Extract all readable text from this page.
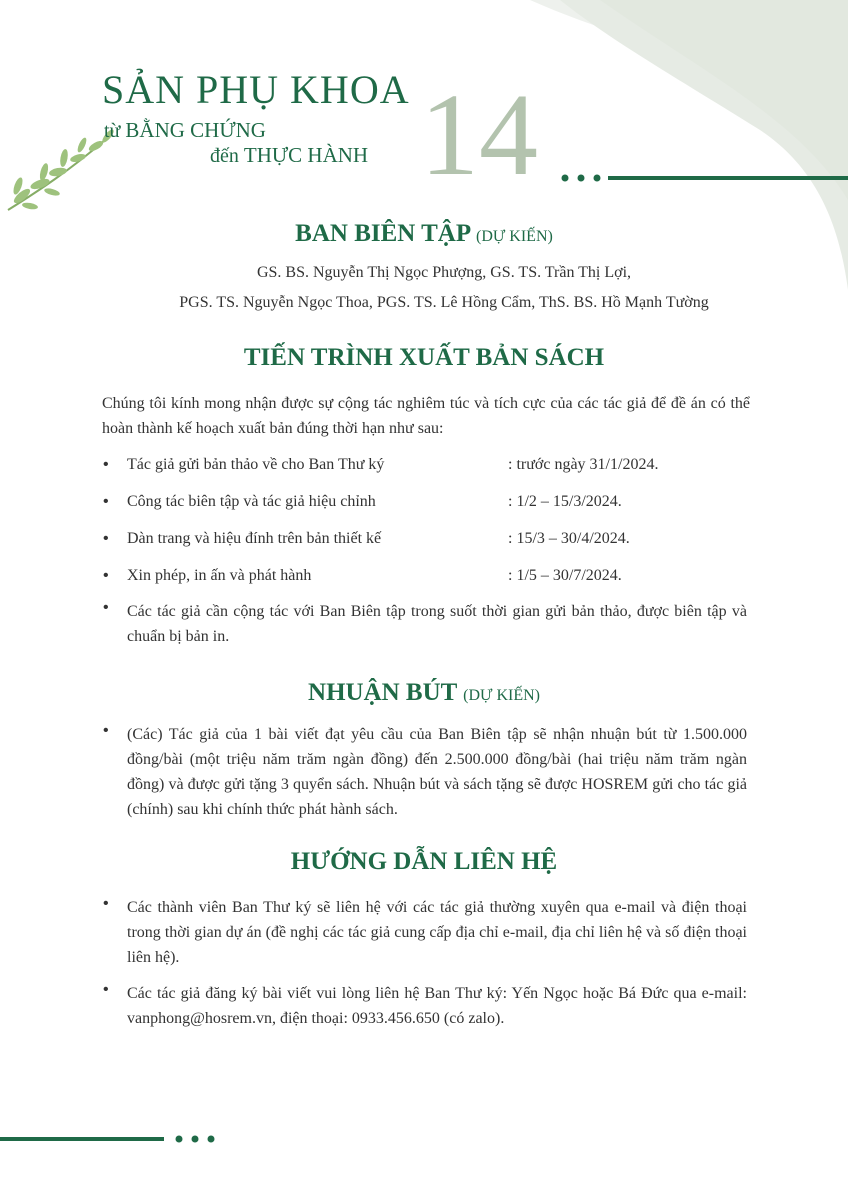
SẢN PHỤ KHOA
từ BẰNG CHỨNG
đến THỰC HÀNH 14
BAN BIÊN TẬP (DỰ KIẾN)
GS. BS. Nguyễn Thị Ngọc Phượng, GS. TS. Trần Thị Lợi,
PGS. TS. Nguyễn Ngọc Thoa, PGS. TS. Lê Hồng Cẩm, ThS. BS. Hồ Mạnh Tường
TIẾN TRÌNH XUẤT BẢN SÁCH
Chúng tôi kính mong nhận được sự cộng tác nghiêm túc và tích cực của các tác giả để đề án có thể hoàn thành kế hoạch xuất bản đúng thời hạn như sau:
• Tác giả gửi bản thảo về cho Ban Thư ký	: trước ngày 31/1/2024.
• Công tác biên tập và tác giả hiệu chỉnh	: 1/2 – 15/3/2024.
• Dàn trang và hiệu đính trên bản thiết kế	: 15/3 – 30/4/2024.
• Xin phép, in ấn và phát hành	: 1/5 – 30/7/2024.
• Các tác giả cần cộng tác với Ban Biên tập trong suốt thời gian gửi bản thảo, được biên tập và chuẩn bị bản in.
NHUẬN BÚT (DỰ KIẾN)
• (Các) Tác giả của 1 bài viết đạt yêu cầu của Ban Biên tập sẽ nhận nhuận bút từ 1.500.000 đồng/bài (một triệu năm trăm ngàn đồng) đến 2.500.000 đồng/bài (hai triệu năm trăm ngàn đồng) và được gửi tặng 3 quyển sách. Nhuận bút và sách tặng sẽ được HOSREM gửi cho tác giả (chính) sau khi chính thức phát hành sách.
HƯỚNG DẪN LIÊN HỆ
• Các thành viên Ban Thư ký sẽ liên hệ với các tác giả thường xuyên qua e-mail và điện thoại trong thời gian dự án (đề nghị các tác giả cung cấp địa chỉ e-mail, địa chỉ liên hệ và số điện thoại liên hệ).
• Các tác giả đăng ký bài viết vui lòng liên hệ Ban Thư ký: Yến Ngọc hoặc Bá Đức qua e-mail: vanphong@hosrem.vn, điện thoại: 0933.456.650 (có zalo).
